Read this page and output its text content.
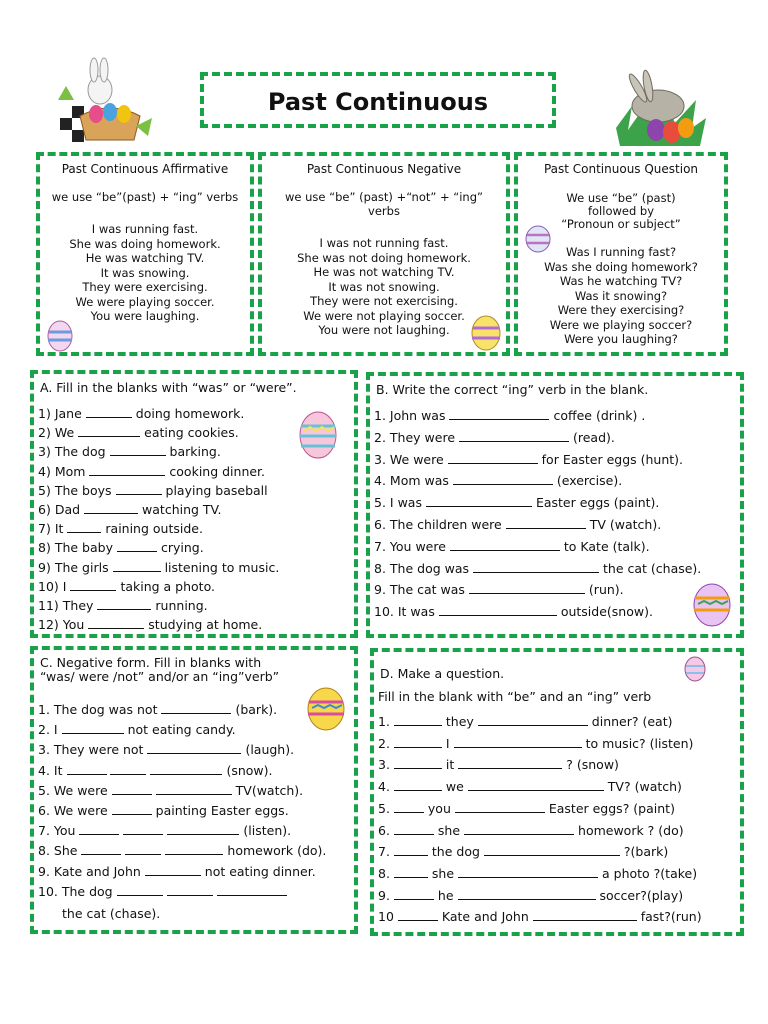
Past Continuous
Past Continuous Affirmative
we use “be”(past) + “ing” verbs
I was running fast.
She was doing homework.
He was watching TV.
It was snowing.
They were exercising.
We were playing soccer.
You were laughing.
Past Continuous Negative
we use “be” (past) +“not” + “ing” verbs
I was not running fast.
She was not doing homework.
He was not watching TV.
It was not snowing.
They were not exercising.
We were not playing soccer.
You were not laughing.
Past Continuous Question
We use “be” (past)
followed by
“Pronoun or subject”
Was I running fast?
Was she doing homework?
Was he watching TV?
Was it snowing?
Were they exercising?
Were we playing soccer?
Were you laughing?
A. Fill in the blanks with “was” or “were”.
1) Jane	doing homework.
2) We	eating cookies.
3) The dog	barking.
4) Mom	cooking dinner.
5) The boys	playing baseball
6) Dad	watching TV.
7) It	raining outside.
8) The baby	crying.
9) The girls	listening to music.
10) I	taking a photo.
11) They	running.
12) You	studying at home.
B. Write the correct “ing” verb in the blank.
1. John was	coffee (drink) .
2. They were	(read).
3. We were	for Easter eggs (hunt).
4. Mom was	(exercise).
5. I was	Easter eggs (paint).
6. The children were	TV (watch).
7. You were	to Kate (talk).
8. The dog was	the cat (chase).
9. The cat was	(run).
10. It was	outside(snow).
C. Negative form. Fill in blanks with
“was/ were /not” and/or an “ing”verb”
1. The dog was not	(bark).
2. I	not eating candy.
3. They were not	(laugh).
4. It	(snow).
5. We were	TV(watch).
6. We were	painting Easter eggs.
7. You	(listen).
8. She	homework (do).
9. Kate and John	not eating dinner.
10. The dog
the cat (chase).
D. Make a question.
Fill in the blank with “be” and an “ing” verb
1.	they	dinner? (eat)
2.	I	to music? (listen)
3.	it	? (snow)
4.	we	TV? (watch)
5.	you	Easter eggs? (paint)
6.	she	homework ? (do)
7.	the dog	?(bark)
8.	she	a photo ?(take)
9.	he	soccer?(play)
10	Kate and John	fast?(run)
